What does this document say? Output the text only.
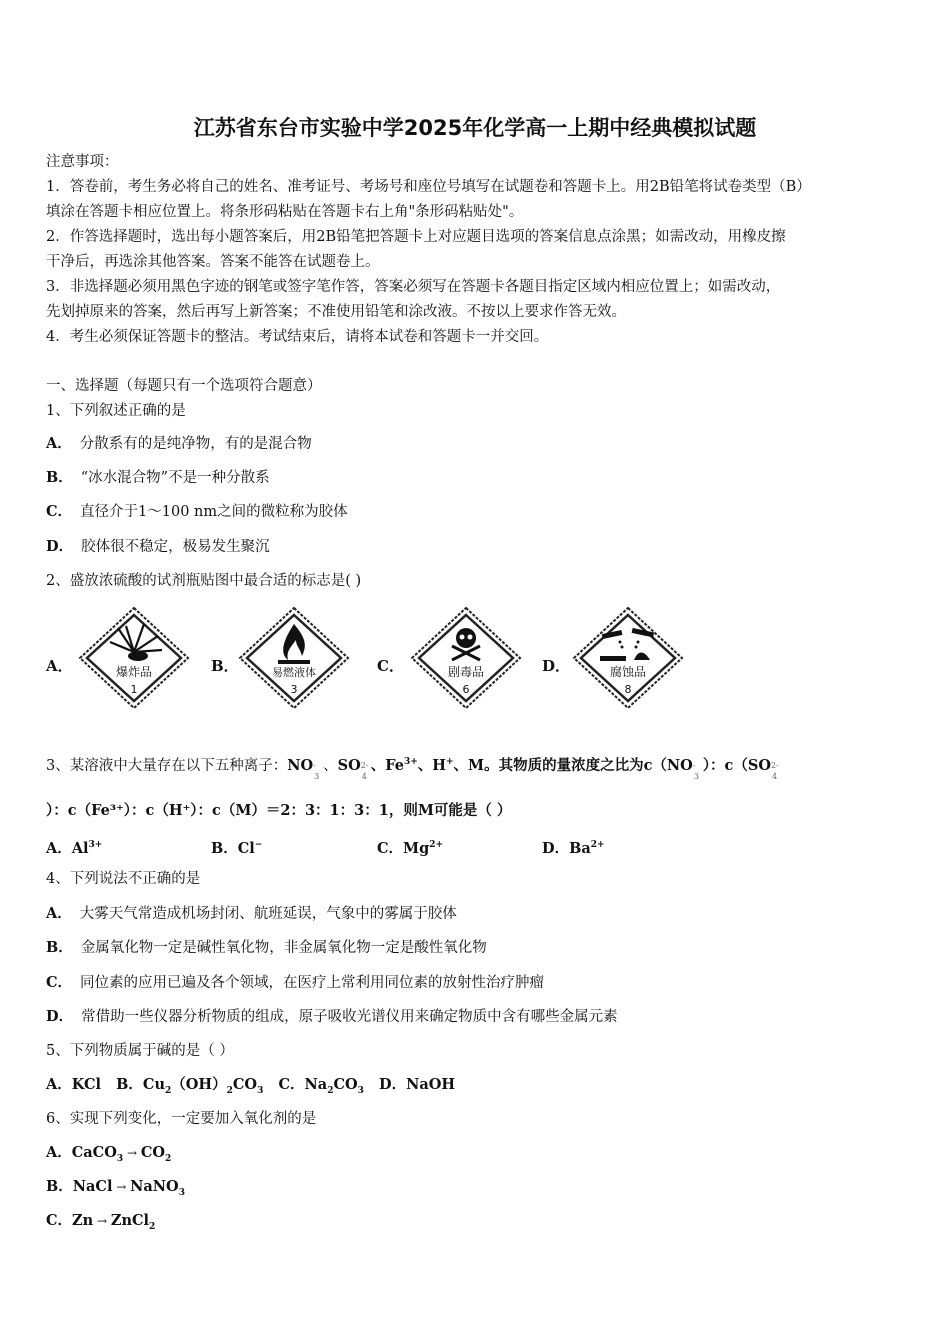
江苏省东台市实验中学2025年化学高一上期中经典模拟试题
注意事项：
1．答卷前，考生务必将自己的姓名、准考证号、考场号和座位号填写在试题卷和答题卡上。用2B铅笔将试卷类型（B）
填涂在答题卡相应位置上。将条形码粘贴在答题卡右上角"条形码粘贴处"。
2．作答选择题时，选出每小题答案后，用2B铅笔把答题卡上对应题目选项的答案信息点涂黑；如需改动，用橡皮擦
干净后，再选涂其他答案。答案不能答在试题卷上。
3．非选择题必须用黑色字迹的钢笔或签字笔作答，答案必须写在答题卡各题目指定区域内相应位置上；如需改动，
先划掉原来的答案，然后再写上新答案；不准使用铅笔和涂改液。不按以上要求作答无效。
4．考生必须保证答题卡的整洁。考试结束后，请将本试卷和答题卡一并交回。
一、选择题（每题只有一个选项符合题意）
1、下列叙述正确的是
A． 分散系有的是纯净物，有的是混合物
B． “冰水混合物”不是一种分散系
C． 直径介于1～100 nm之间的微粒称为胶体
D． 胶体很不稳定，极易发生聚沉
2、盛放浓硫酸的试剂瓶贴图中最合适的标志是( )
A．	爆炸品
1
B．	易燃液体
3
C．	剧毒品
6
D．	腐蚀品
8
3、某溶液中大量存在以下五种离子：NO -
3
、SO 2-
4
、$Fe^{3+}$、H+、M。其物质的量浓度之比为c（NO -
3
）：c（SO 2-
4
）：c（Fe³⁺）：c（H⁺）：c（M）＝2：3：1：3：1，则M可能是（ ）
A．$Al^{3+}$	B．Cl−	C．$Mg^{2+}$	D．$Ba^{2+}$
4、下列说法不正确的是
A． 大雾天气常造成机场封闭、航班延误，气象中的雾属于胶体
B． 金属氧化物一定是碱性氧化物，非金属氧化物一定是酸性氧化物
C． 同位素的应用已遍及各个领域，在医疗上常利用同位素的放射性治疗肿瘤
D． 常借助一些仪器分析物质的组成，原子吸收光谱仪用来确定物质中含有哪些金属元素
5、下列物质属于碱的是（ ）
A．KCl B．$Cu_2(OH)_2CO_3$ C．$Na_2CO_3$ D．NaOH
6、实现下列变化，一定要加入氧化剂的是
A．CaCO$_3$ → $CO_2$
B．NaCl → NaNO$_3$
C．Zn → ZnCl$_2$
